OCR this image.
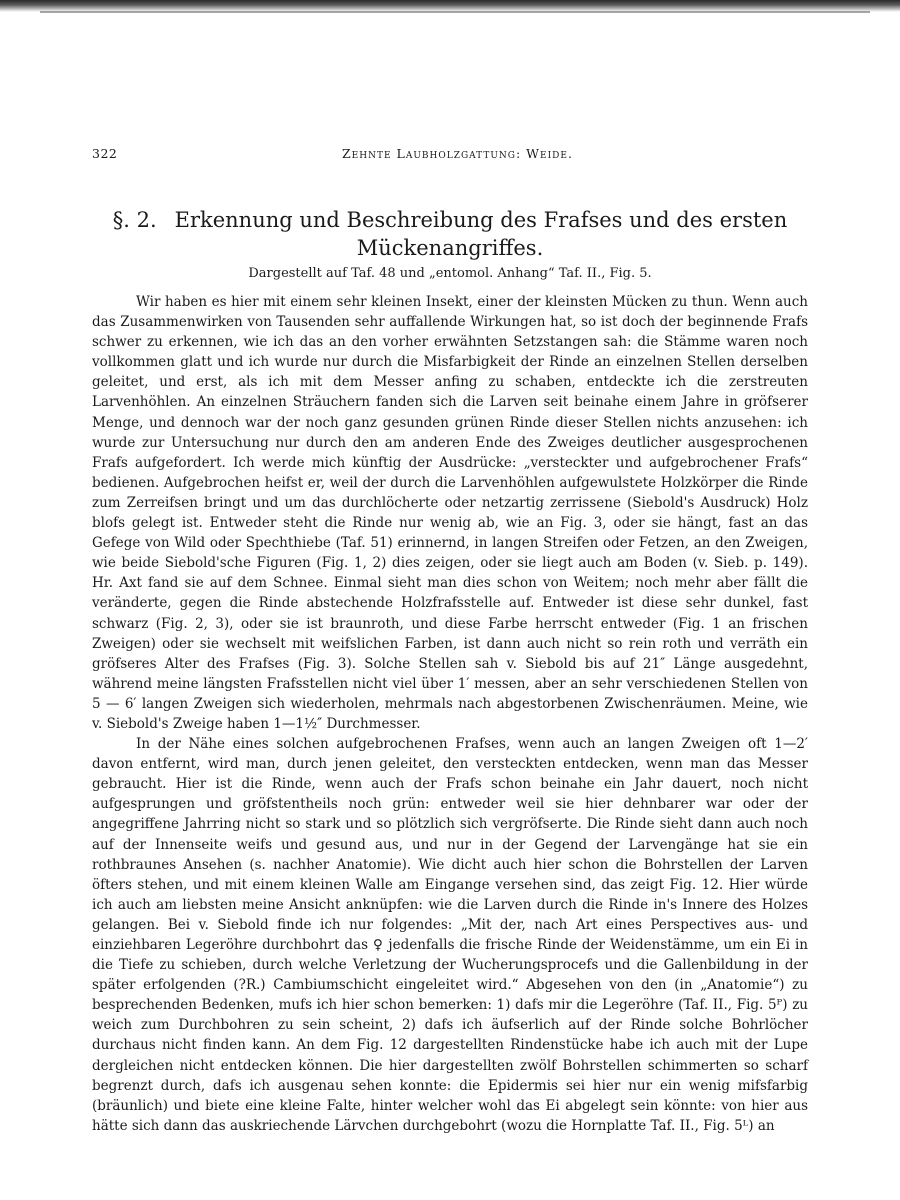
322	Zehnte Laubholzgattung: Weide.
§. 2. Erkennung und Beschreibung des Frafses und des ersten Mückenangriffes.
Dargestellt auf Taf. 48 und „entomol. Anhang“ Taf. II., Fig. 5.

Wir haben es hier mit einem sehr kleinen Insekt, einer der kleinsten Mücken zu thun. Wenn auch das Zusammenwirken von Tausenden sehr auffallende Wirkungen hat, so ist doch der beginnende Frafs schwer zu erkennen, wie ich das an den vorher erwähnten Setzstangen sah: die Stämme waren noch vollkommen glatt und ich wurde nur durch die Misfarbigkeit der Rinde an einzelnen Stellen derselben geleitet, und erst, als ich mit dem Messer anfing zu schaben, entdeckte ich die zerstreuten Larvenhöhlen. An einzelnen Sträuchern fanden sich die Larven seit beinahe einem Jahre in gröfserer Menge, und dennoch war der noch ganz gesunden grünen Rinde dieser Stellen nichts anzusehen: ich wurde zur Untersuchung nur durch den am anderen Ende des Zweiges deutlicher ausgesprochenen Frafs aufgefordert. Ich werde mich künftig der Ausdrücke: „versteckter und aufgebrochener Frafs“ bedienen. Aufgebrochen heifst er, weil der durch die Larvenhöhlen aufgewulstete Holzkörper die Rinde zum Zerreifsen bringt und um das durchlöcherte oder netzartig zerrissene (Siebold's Ausdruck) Holz blofs gelegt ist. Entweder steht die Rinde nur wenig ab, wie an Fig. 3, oder sie hängt, fast an das Gefege von Wild oder Spechthiebe (Taf. 51) erinnernd, in langen Streifen oder Fetzen, an den Zweigen, wie beide Siebold'sche Figuren (Fig. 1, 2) dies zeigen, oder sie liegt auch am Boden (v. Sieb. p. 149). Hr. Axt fand sie auf dem Schnee. Einmal sieht man dies schon von Weitem; noch mehr aber fällt die veränderte, gegen die Rinde abstechende Holzfrafsstelle auf. Entweder ist diese sehr dunkel, fast schwarz (Fig. 2, 3), oder sie ist braunroth, und diese Farbe herrscht entweder (Fig. 1 an frischen Zweigen) oder sie wechselt mit weifslichen Farben, ist dann auch nicht so rein roth und verräth ein gröfseres Alter des Frafses (Fig. 3). Solche Stellen sah v. Siebold bis auf 21″ Länge ausgedehnt, während meine längsten Frafsstellen nicht viel über 1′ messen, aber an sehr verschiedenen Stellen von 5 — 6′ langen Zweigen sich wiederholen, mehrmals nach abgestorbenen Zwischenräumen. Meine, wie v. Siebold's Zweige haben 1—1½″ Durchmesser.

In der Nähe eines solchen aufgebrochenen Frafses, wenn auch an langen Zweigen oft 1—2′ davon entfernt, wird man, durch jenen geleitet, den versteckten entdecken, wenn man das Messer gebraucht. Hier ist die Rinde, wenn auch der Frafs schon beinahe ein Jahr dauert, noch nicht aufgesprungen und gröfstentheils noch grün: entweder weil sie hier dehnbarer war oder der angegriffene Jahrring nicht so stark und so plötzlich sich vergröfserte. Die Rinde sieht dann auch noch auf der Innenseite weifs und gesund aus, und nur in der Gegend der Larvengänge hat sie ein rothbraunes Ansehen (s. nachher Anatomie). Wie dicht auch hier schon die Bohrstellen der Larven öfters stehen, und mit einem kleinen Walle am Eingange versehen sind, das zeigt Fig. 12. Hier würde ich auch am liebsten meine Ansicht anknüpfen: wie die Larven durch die Rinde in's Innere des Holzes gelangen. Bei v. Siebold finde ich nur folgendes: „Mit der, nach Art eines Perspectives aus- und einziehbaren Legeröhre durchbohrt das ♀ jedenfalls die frische Rinde der Weidenstämme, um ein Ei in die Tiefe zu schieben, durch welche Verletzung der Wucherungsprocefs und die Gallenbildung in der später erfolgenden (?R.) Cambiumschicht eingeleitet wird.“ Abgesehen von den (in „Anatomie“) zu besprechenden Bedenken, mufs ich hier schon bemerken: 1) dafs mir die Legeröhre (Taf. II., Fig. 5ᴾ) zu weich zum Durchbohren zu sein scheint, 2) dafs ich äufserlich auf der Rinde solche Bohrlöcher durchaus nicht finden kann. An dem Fig. 12 dargestellten Rindenstücke habe ich auch mit der Lupe dergleichen nicht entdecken können. Die hier dargestellten zwölf Bohrstellen schimmerten so scharf begrenzt durch, dafs ich ausgenau sehen konnte: die Epidermis sei hier nur ein wenig mifsfarbig (bräunlich) und biete eine kleine Falte, hinter welcher wohl das Ei abgelegt sein könnte: von hier aus hätte sich dann das auskriechende Lärvchen durchgebohrt (wozu die Hornplatte Taf. II., Fig. 5ᴸ) an
